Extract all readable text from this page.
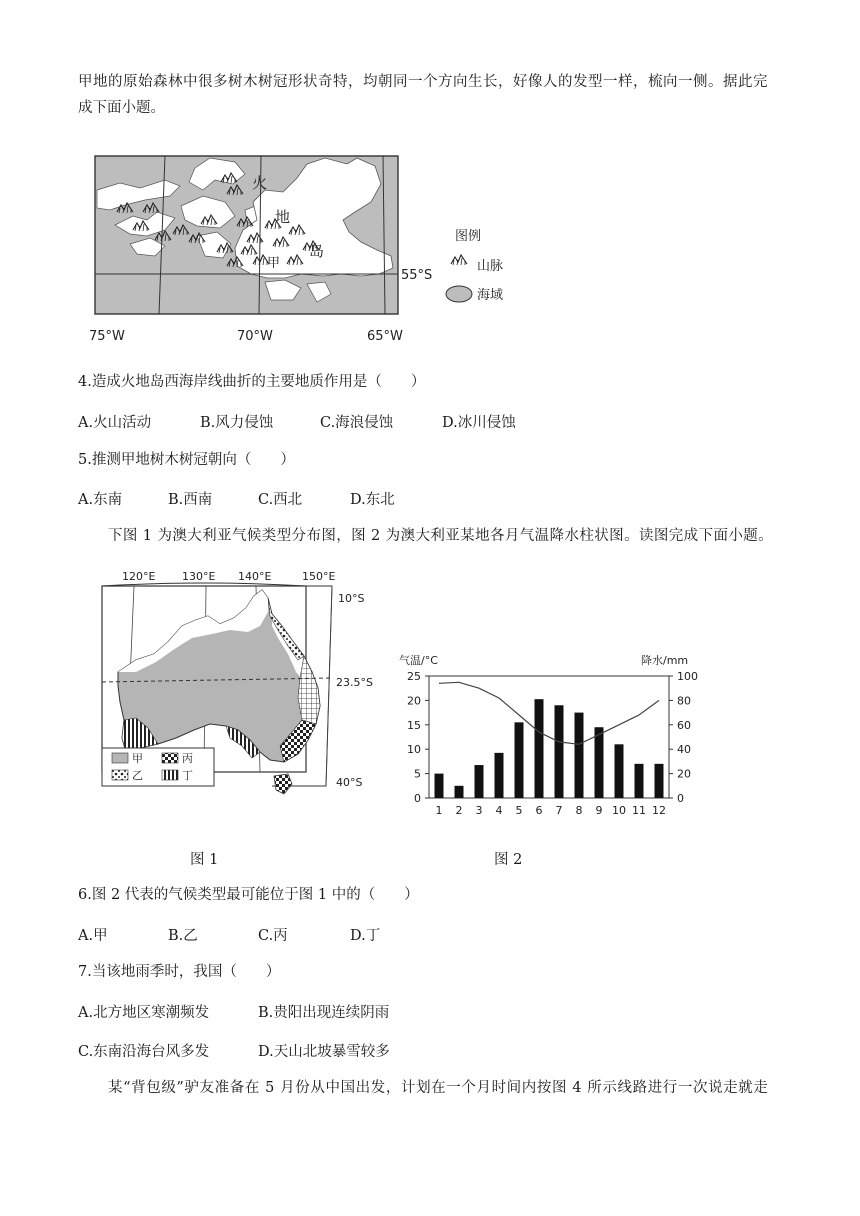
甲地的原始森林中很多树木树冠形状奇特，均朝同一个方向生长，好像人的发型一样，梳向一侧。据此完
成下面小题。
火
地
岛
甲
55°S
75°W	70°W	65°W
图例
山脉
海域
4.造成火地岛西海岸线曲折的主要地质作用是（　　）
A.火山活动	B.风力侵蚀	C.海浪侵蚀	D.冰川侵蚀
5.推测甲地树木树冠朝向（　　）
A.东南	B.西南	C.西北	D.东北
下图 1 为澳大利亚气候类型分布图，图 2 为澳大利亚某地各月气温降水柱状图。读图完成下面小题。
甲	丙
乙	丁
120°E 130°E 140°E	150°E
10°S
23.5°S
40°S
气温/°C	降水/mm
0
5
10
15
20
25
0
20
40
60
80
100
1 2 3 4 5 6 7 8 9 10 11 12
图 1	图 2
6.图 2 代表的气候类型最可能位于图 1 中的（　　）
A.甲	B.乙	C.丙	D.丁
7.当该地雨季时，我国（　　）
A.北方地区寒潮频发	B.贵阳出现连续阴雨
C.东南沿海台风多发	D.天山北坡暴雪较多
某“背包级”驴友准备在 5 月份从中国出发，计划在一个月时间内按图 4 所示线路进行一次说走就走
